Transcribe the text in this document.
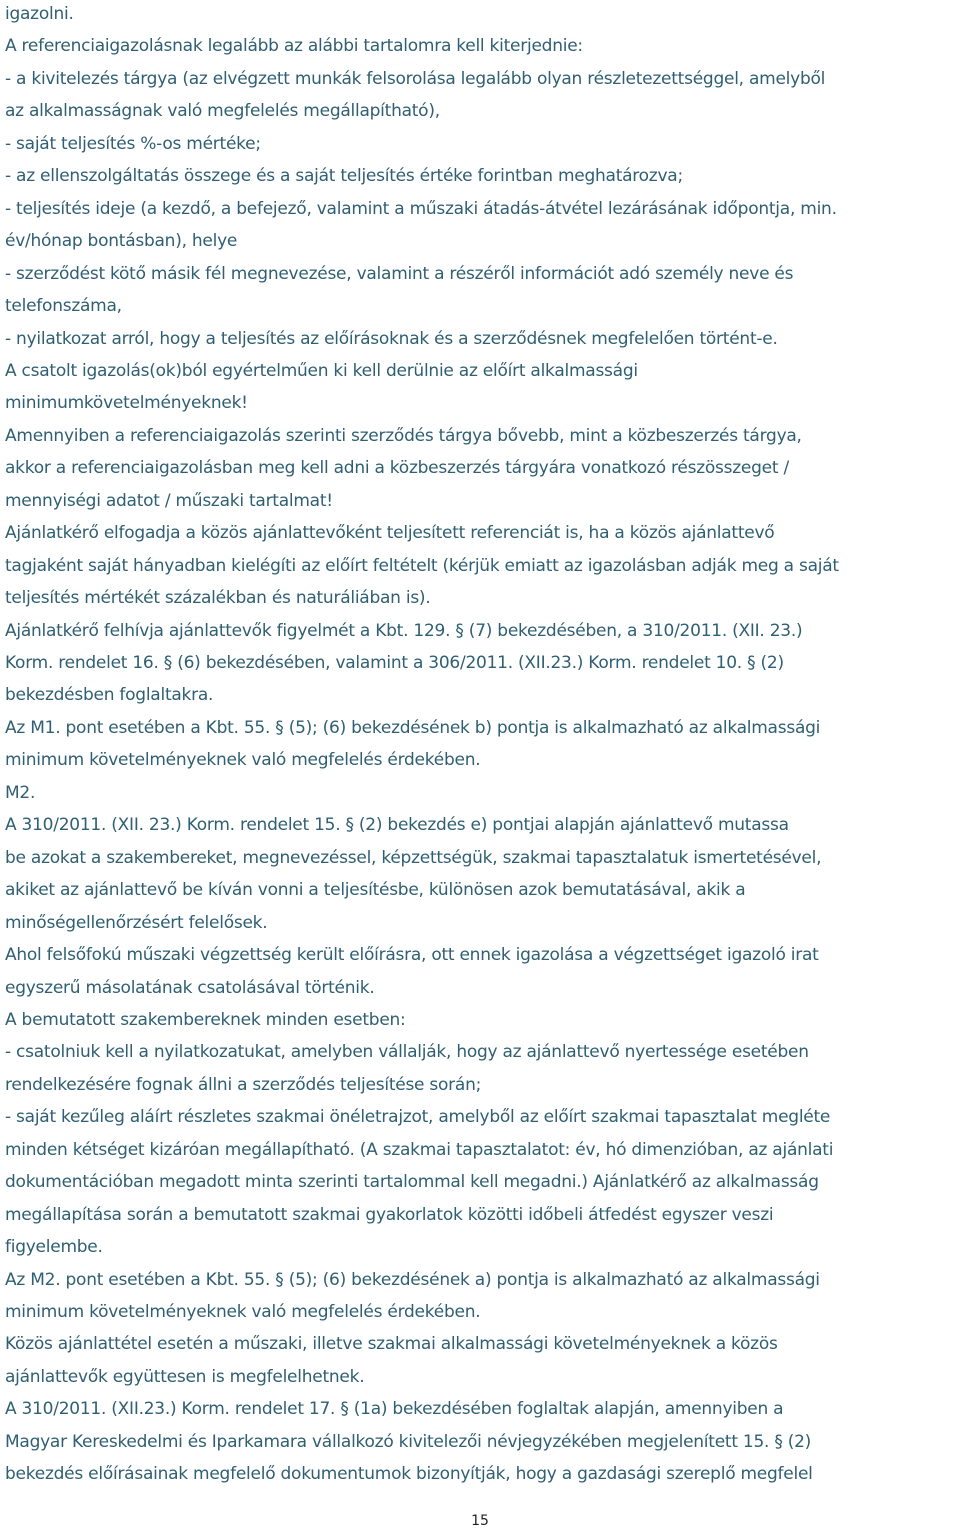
igazolni.
A referenciaigazolásnak legalább az alábbi tartalomra kell kiterjednie:
- a kivitelezés tárgya (az elvégzett munkák felsorolása legalább olyan részletezettséggel, amelyből
az alkalmasságnak való megfelelés megállapítható),
- saját teljesítés %-os mértéke;
- az ellenszolgáltatás összege és a saját teljesítés értéke forintban meghatározva;
- teljesítés ideje (a kezdő, a befejező, valamint a műszaki átadás-átvétel lezárásának időpontja, min.
év/hónap bontásban), helye
- szerződést kötő másik fél megnevezése, valamint a részéről információt adó személy neve és
telefonszáma,
- nyilatkozat arról, hogy a teljesítés az előírásoknak és a szerződésnek megfelelően történt-e.
A csatolt igazolás(ok)ból egyértelműen ki kell derülnie az előírt alkalmassági
minimumkövetelményeknek!
Amennyiben a referenciaigazolás szerinti szerződés tárgya bővebb, mint a közbeszerzés tárgya,
akkor a referenciaigazolásban meg kell adni a közbeszerzés tárgyára vonatkozó részösszeget /
mennyiségi adatot / műszaki tartalmat!
Ajánlatkérő elfogadja a közös ajánlattevőként teljesített referenciát is, ha a közös ajánlattevő
tagjaként saját hányadban kielégíti az előírt feltételt (kérjük emiatt az igazolásban adják meg a saját
teljesítés mértékét százalékban és naturáliában is).
Ajánlatkérő felhívja ajánlattevők figyelmét a Kbt. 129. § (7) bekezdésében, a 310/2011. (XII. 23.)
Korm. rendelet 16. § (6) bekezdésében, valamint a 306/2011. (XII.23.) Korm. rendelet 10. § (2)
bekezdésben foglaltakra.
Az M1. pont esetében a Kbt. 55. § (5); (6) bekezdésének b) pontja is alkalmazható az alkalmassági
minimum követelményeknek való megfelelés érdekében.
M2.
A 310/2011. (XII. 23.) Korm. rendelet 15. § (2) bekezdés e) pontjai alapján ajánlattevő mutassa
be azokat a szakembereket, megnevezéssel, képzettségük, szakmai tapasztalatuk ismertetésével,
akiket az ajánlattevő be kíván vonni a teljesítésbe, különösen azok bemutatásával, akik a
minőségellenőrzésért felelősek.
Ahol felsőfokú műszaki végzettség került előírásra, ott ennek igazolása a végzettséget igazoló irat
egyszerű másolatának csatolásával történik.
A bemutatott szakembereknek minden esetben:
- csatolniuk kell a nyilatkozatukat, amelyben vállalják, hogy az ajánlattevő nyertessége esetében
rendelkezésére fognak állni a szerződés teljesítése során;
- saját kezűleg aláírt részletes szakmai önéletrajzot, amelyből az előírt szakmai tapasztalat megléte
minden kétséget kizáróan megállapítható. (A szakmai tapasztalatot: év, hó dimenzióban, az ajánlati
dokumentációban megadott minta szerinti tartalommal kell megadni.) Ajánlatkérő az alkalmasság
megállapítása során a bemutatott szakmai gyakorlatok közötti időbeli átfedést egyszer veszi
figyelembe.
Az M2. pont esetében a Kbt. 55. § (5); (6) bekezdésének a) pontja is alkalmazható az alkalmassági
minimum követelményeknek való megfelelés érdekében.
Közös ajánlattétel esetén a műszaki, illetve szakmai alkalmassági követelményeknek a közös
ajánlattevők együttesen is megfelelhetnek.
A 310/2011. (XII.23.) Korm. rendelet 17. § (1a) bekezdésében foglaltak alapján, amennyiben a
Magyar Kereskedelmi és Iparkamara vállalkozó kivitelezői névjegyzékében megjelenített 15. § (2)
bekezdés előírásainak megfelelő dokumentumok bizonyítják, hogy a gazdasági szereplő megfelel
15
